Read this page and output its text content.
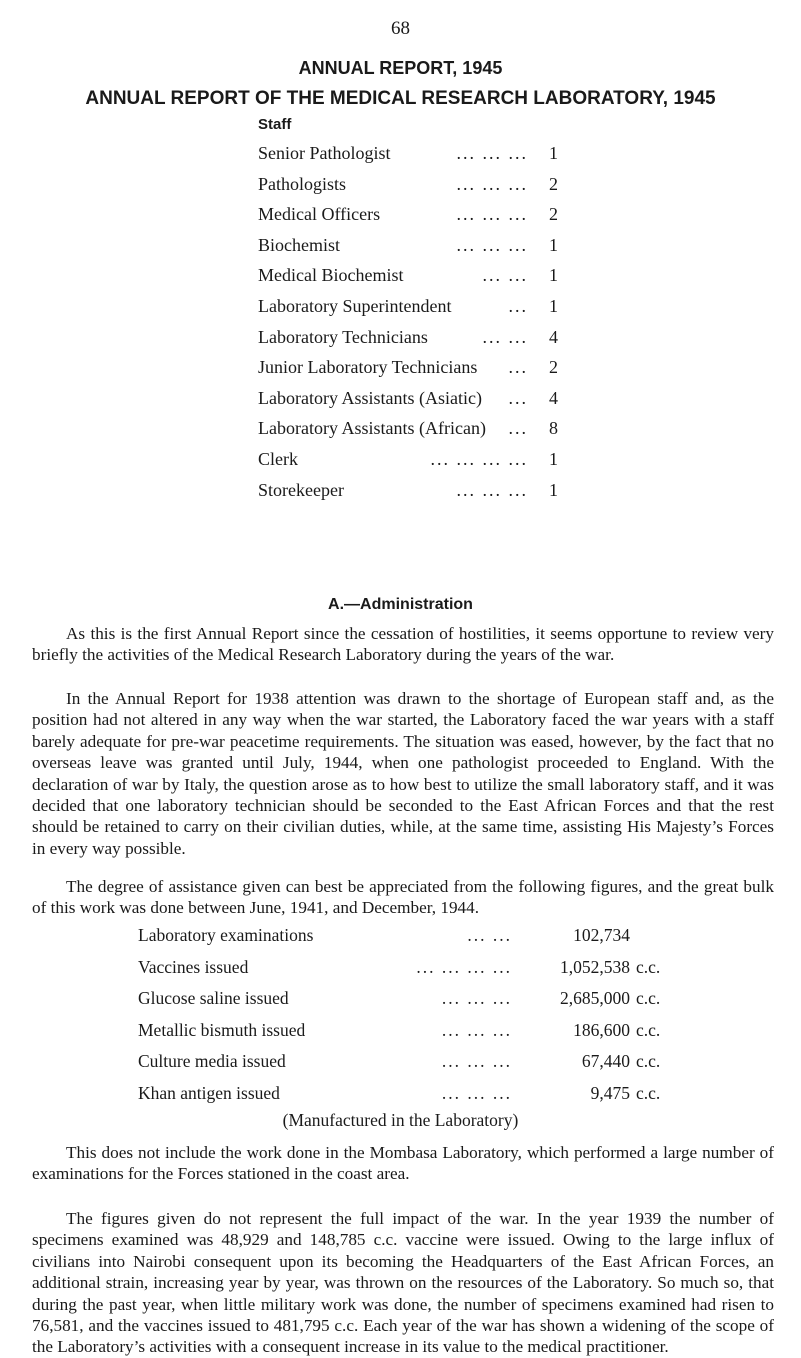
68
ANNUAL REPORT, 1945
ANNUAL REPORT OF THE MEDICAL RESEARCH LABORATORY, 1945
Staff
Senior Pathologist	... ... ...	1
Pathologists	... ... ...	2
Medical Officers	... ... ...	2
Biochemist	... ... ...	1
Medical Biochemist	... ...	1
Laboratory Superintendent	...	1
Laboratory Technicians	... ...	4
Junior Laboratory Technicians ...	2
Laboratory Assistants (Asiatic) ...	4
Laboratory Assistants (African) ...	8
Clerk	... ... ... ...	1
Storekeeper	... ... ...	1
A.—Administration

As this is the first Annual Report since the cessation of hostilities, it seems opportune to review very briefly the activities of the Medical Research Laboratory during the years of the war.

In the Annual Report for 1938 attention was drawn to the shortage of European staff and, as the position had not altered in any way when the war started, the Laboratory faced the war years with a staff barely adequate for pre-war peacetime requirements. The situation was eased, however, by the fact that no overseas leave was granted until July, 1944, when one pathologist proceeded to England. With the declaration of war by Italy, the question arose as to how best to utilize the small laboratory staff, and it was decided that one laboratory technician should be seconded to the East African Forces and that the rest should be retained to carry on their civilian duties, while, at the same time, assisting His Majesty’s Forces in every way possible.

The degree of assistance given can best be appreciated from the following figures, and the great bulk of this work was done between June, 1941, and December, 1944.

Laboratory examinations	... ...	102,734
Vaccines issued	... ... ... ...	1,052,538 c.c.
Glucose saline issued	... ... ...	2,685,000 c.c.
Metallic bismuth issued	... ... ...	186,600 c.c.
Culture media issued	... ... ...	67,440 c.c.
Khan antigen issued	... ... ...	9,475 c.c.
(Manufactured in the Laboratory)

This does not include the work done in the Mombasa Laboratory, which performed a large number of examinations for the Forces stationed in the coast area.

The figures given do not represent the full impact of the war. In the year 1939 the number of specimens examined was 48,929 and 148,785 c.c. vaccine were issued. Owing to the large influx of civilians into Nairobi consequent upon its becoming the Headquarters of the East African Forces, an additional strain, increasing year by year, was thrown on the resources of the Laboratory. So much so, that during the past year, when little military work was done, the number of specimens examined had risen to 76,581, and the vaccines issued to 481,795 c.c. Each year of the war has shown a widening of the scope of the Laboratory’s activities with a consequent increase in its value to the medical practitioner.
